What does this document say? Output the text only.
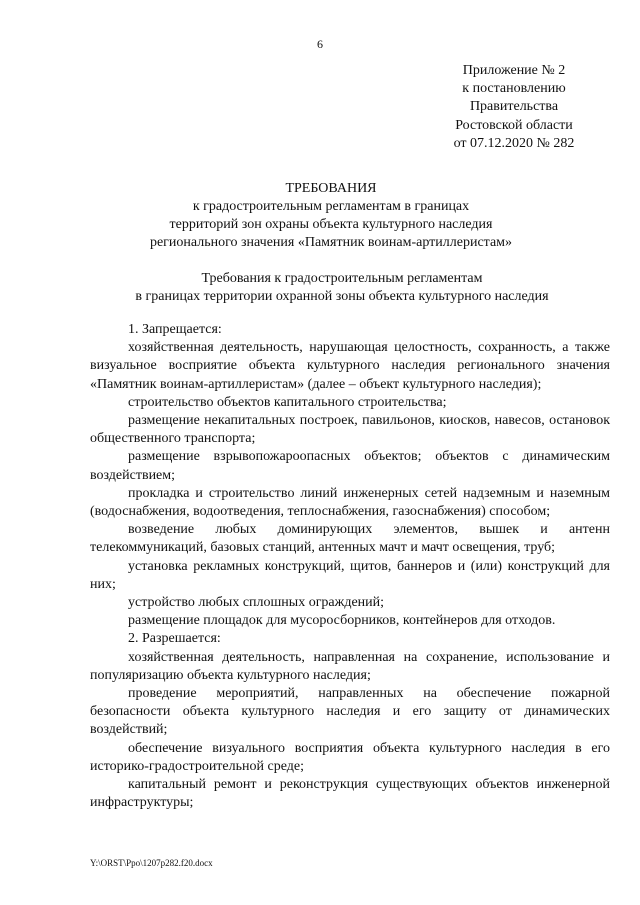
6
Приложение № 2
к постановлению
Правительства
Ростовской области
от 07.12.2020 № 282
ТРЕБОВАНИЯ
к градостроительным регламентам в границах
территорий зон охраны объекта культурного наследия
регионального значения «Памятник воинам-артиллеристам»
Требования к градостроительным регламентам
в границах территории охранной зоны объекта культурного наследия

1. Запрещается:

хозяйственная деятельность, нарушающая целостность, сохранность, а также визуальное восприятие объекта культурного наследия регионального значения «Памятник воинам-артиллеристам» (далее – объект культурного наследия);

строительство объектов капитального строительства;

размещение некапитальных построек, павильонов, киосков, навесов, остановок общественного транспорта;

размещение взрывопожароопасных объектов; объектов с динамическим воздействием;

прокладка и строительство линий инженерных сетей надземным и наземным (водоснабжения, водоотведения, теплоснабжения, газоснабжения) способом;

возведение любых доминирующих элементов, вышек и антенн телекоммуникаций, базовых станций, антенных мачт и мачт освещения, труб;

установка рекламных конструкций, щитов, баннеров и (или) конструкций для них;

устройство любых сплошных ограждений;

размещение площадок для мусоросборников, контейнеров для отходов.

2. Разрешается:

хозяйственная деятельность, направленная на сохранение, использование и популяризацию объекта культурного наследия;

проведение мероприятий, направленных на обеспечение пожарной безопасности объекта культурного наследия и его защиту от динамических воздействий;

обеспечение визуального восприятия объекта культурного наследия в его историко-градостроительной среде;

капитальный ремонт и реконструкция существующих объектов инженерной инфраструктуры;

Y:\ORST\Ppo\1207p282.f20.docx
